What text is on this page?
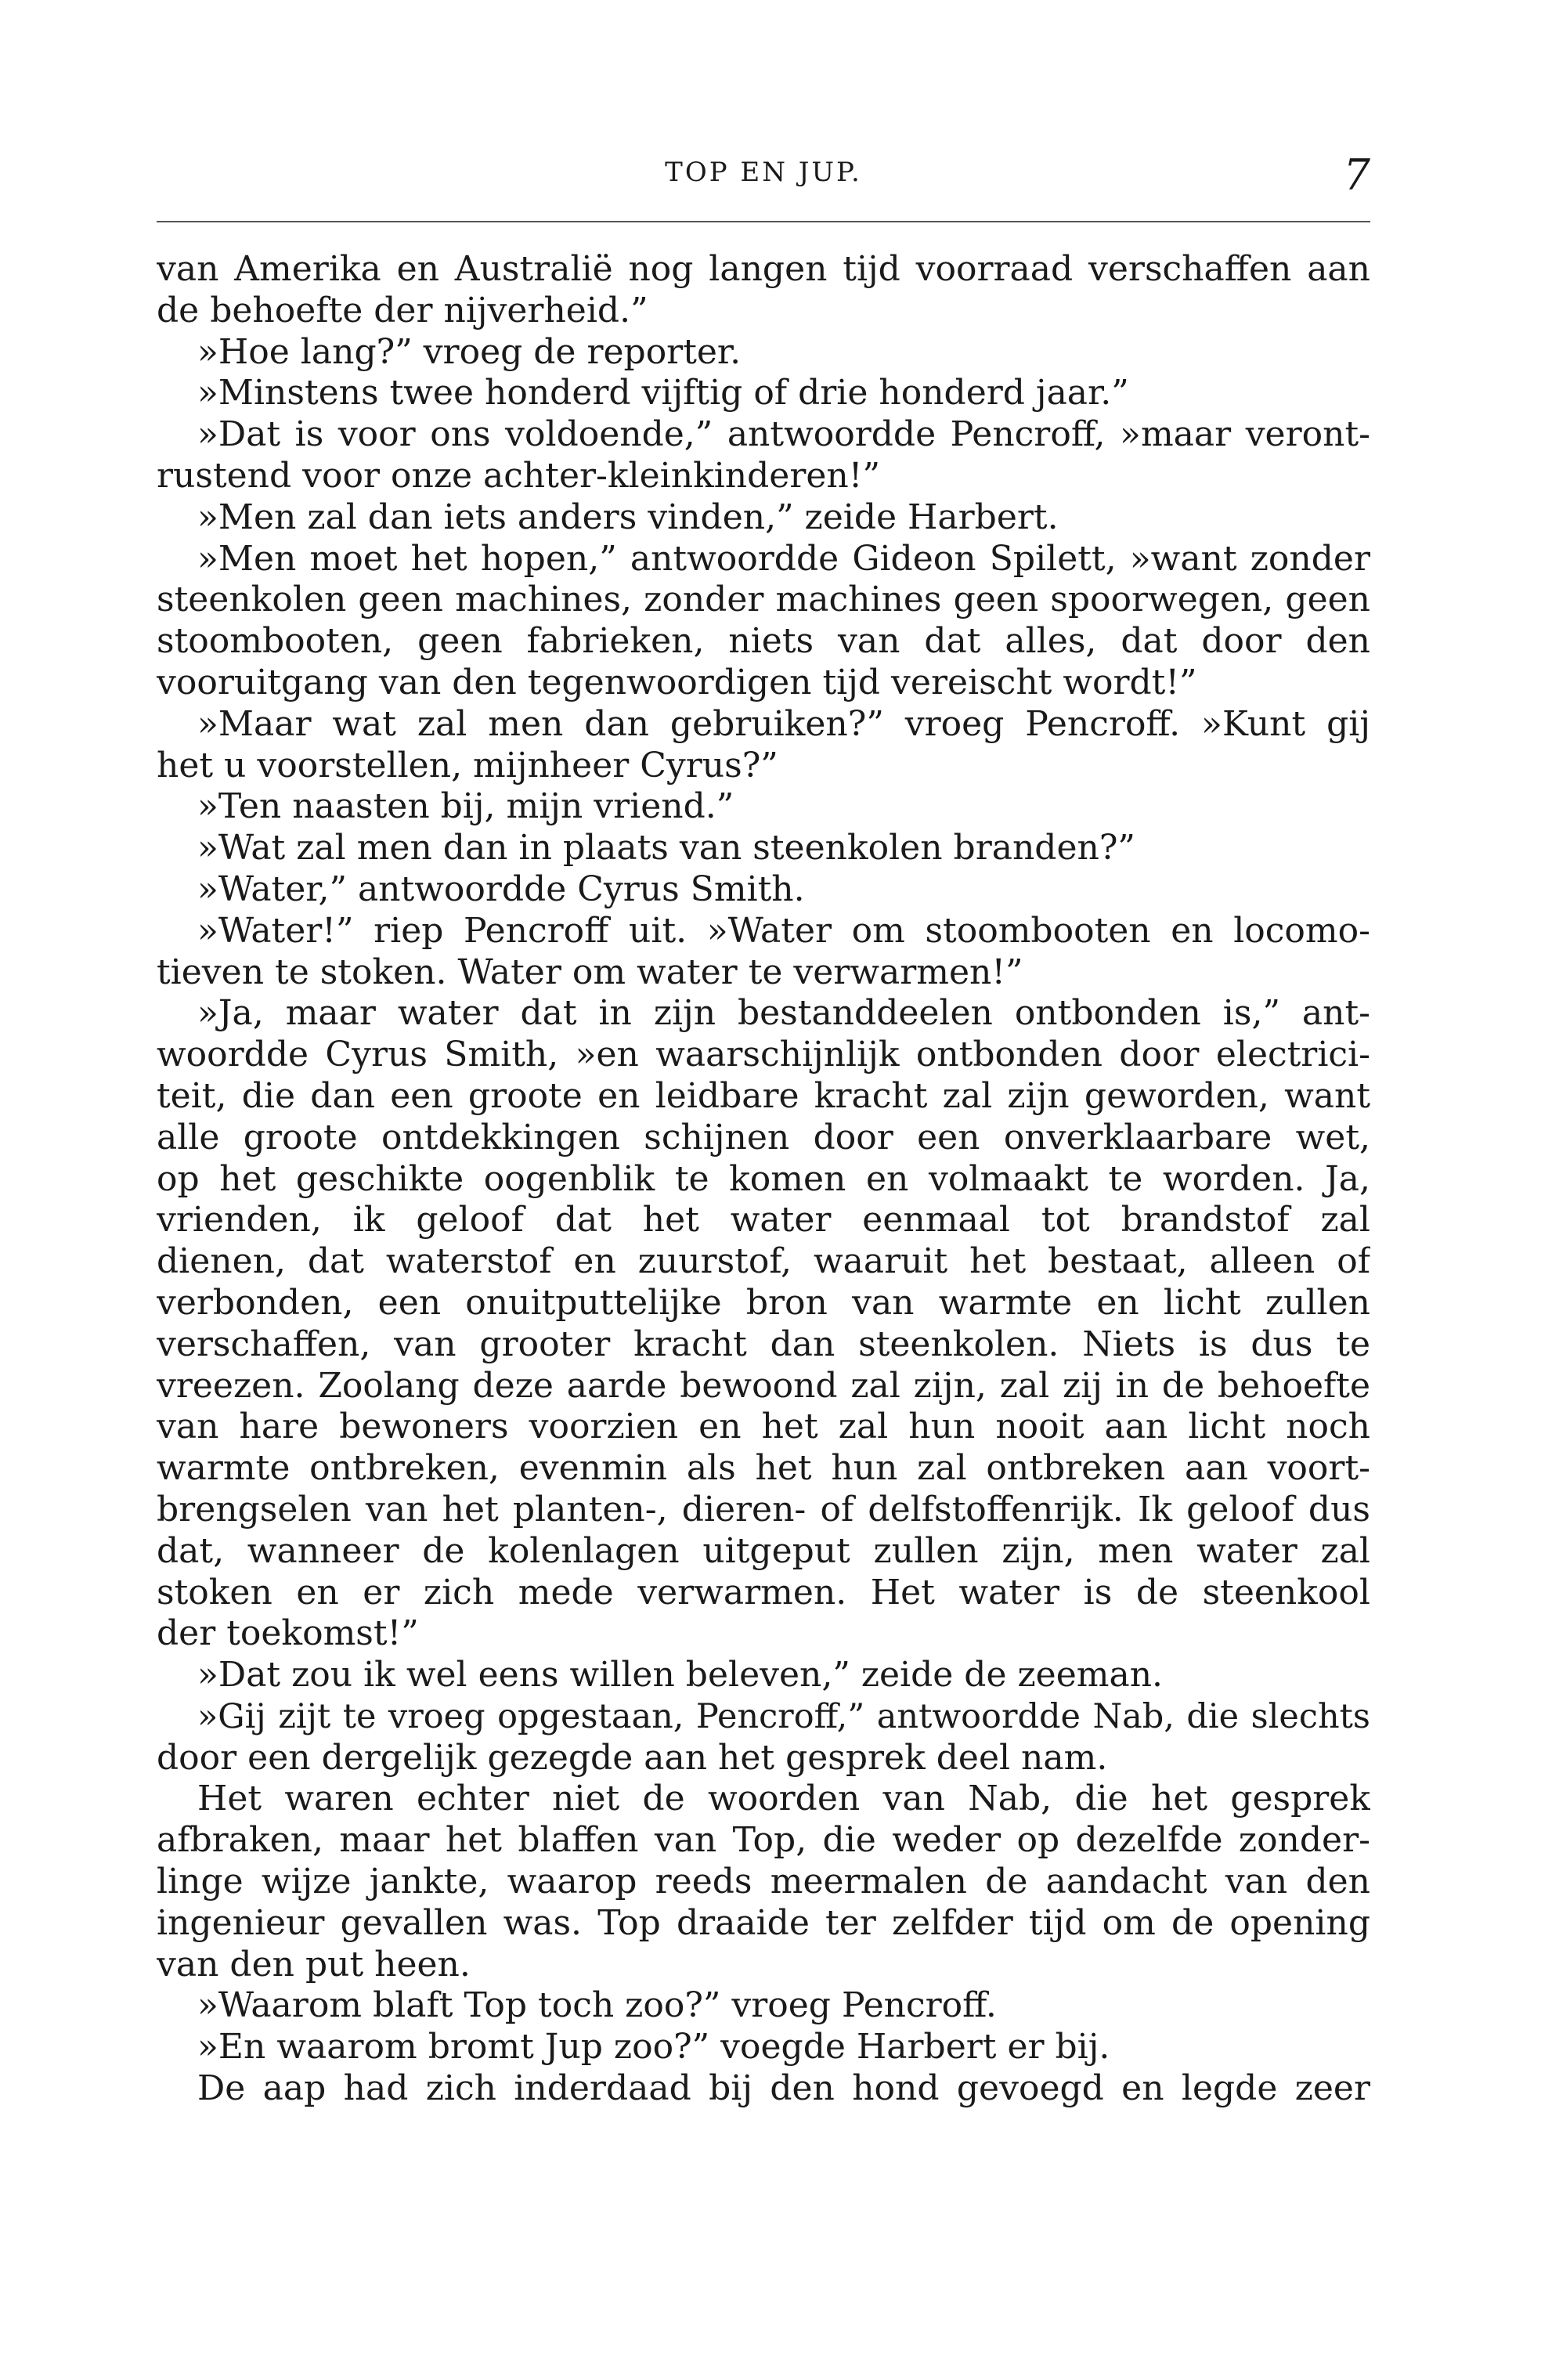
TOP EN JUP.	7
van Amerika en Australië nog langen tijd voorraad verschaffen aan
de behoefte der nijverheid.”
»Hoe lang?” vroeg de reporter.
»Minstens twee honderd vijftig of drie honderd jaar.”
»Dat is voor ons voldoende,” antwoordde Pencroff, »maar veront-
rustend voor onze achter-kleinkinderen!”
»Men zal dan iets anders vinden,” zeide Harbert.
»Men moet het hopen,” antwoordde Gideon Spilett, »want zonder
steenkolen geen machines, zonder machines geen spoorwegen, geen
stoombooten, geen fabrieken, niets van dat alles, dat door den
vooruitgang van den tegenwoordigen tijd vereischt wordt!”
»Maar wat zal men dan gebruiken?” vroeg Pencroff. »Kunt gij
het u voorstellen, mijnheer Cyrus?”
»Ten naasten bij, mijn vriend.”
»Wat zal men dan in plaats van steenkolen branden?”
»Water,” antwoordde Cyrus Smith.
»Water!” riep Pencroff uit. »Water om stoombooten en locomo-
tieven te stoken. Water om water te verwarmen!”
»Ja, maar water dat in zijn bestanddeelen ontbonden is,” ant-
woordde Cyrus Smith, »en waarschijnlijk ontbonden door electrici-
teit, die dan een groote en leidbare kracht zal zijn geworden, want
alle groote ontdekkingen schijnen door een onverklaarbare wet,
op het geschikte oogenblik te komen en volmaakt te worden. Ja,
vrienden, ik geloof dat het water eenmaal tot brandstof zal
dienen, dat waterstof en zuurstof, waaruit het bestaat, alleen of
verbonden, een onuitputtelijke bron van warmte en licht zullen
verschaffen, van grooter kracht dan steenkolen. Niets is dus te
vreezen. Zoolang deze aarde bewoond zal zijn, zal zij in de behoefte
van hare bewoners voorzien en het zal hun nooit aan licht noch
warmte ontbreken, evenmin als het hun zal ontbreken aan voort-
brengselen van het planten-, dieren- of delfstoffenrijk. Ik geloof dus
dat, wanneer de kolenlagen uitgeput zullen zijn, men water zal
stoken en er zich mede verwarmen. Het water is de steenkool
der toekomst!”
»Dat zou ik wel eens willen beleven,” zeide de zeeman.
»Gij zijt te vroeg opgestaan, Pencroff,” antwoordde Nab, die slechts
door een dergelijk gezegde aan het gesprek deel nam.
Het waren echter niet de woorden van Nab, die het gesprek
afbraken, maar het blaffen van Top, die weder op dezelfde zonder-
linge wijze jankte, waarop reeds meermalen de aandacht van den
ingenieur gevallen was. Top draaide ter zelfder tijd om de opening
van den put heen.
»Waarom blaft Top toch zoo?” vroeg Pencroff.
»En waarom bromt Jup zoo?” voegde Harbert er bij.
De aap had zich inderdaad bij den hond gevoegd en legde zeer
